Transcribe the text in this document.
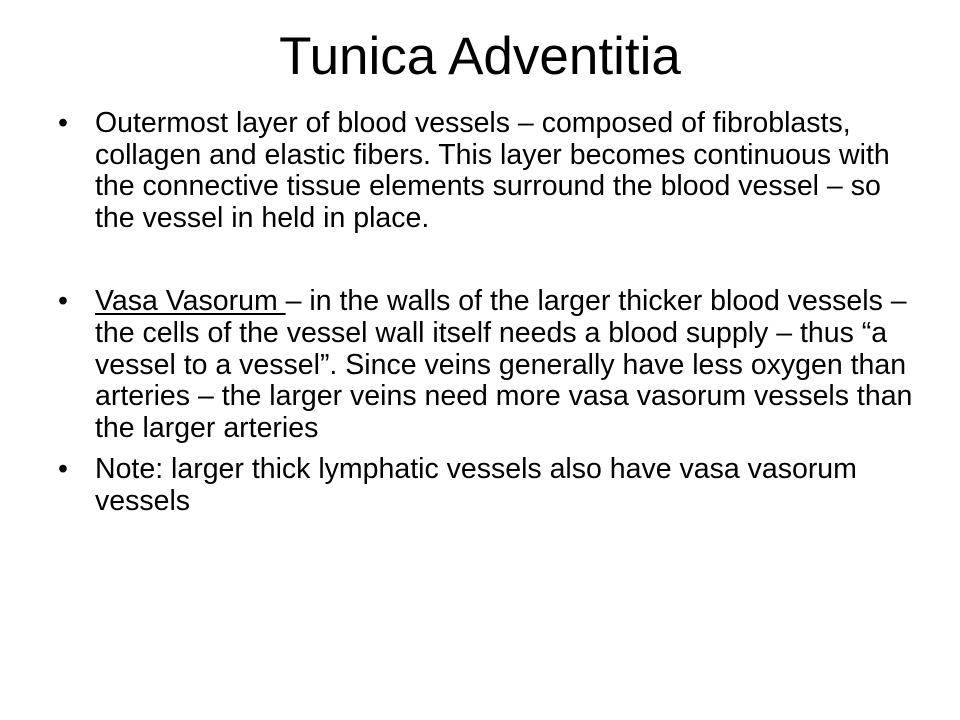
Tunica Adventitia
• Outermost layer of blood vessels – composed of fibroblasts, collagen and elastic fibers. This layer becomes continuous with the connective tissue elements surround the blood vessel – so the vessel in held in place.
• Vasa Vasorum – in the walls of the larger thicker blood vessels – the cells of the vessel wall itself needs a blood supply – thus “a vessel to a vessel”. Since veins generally have less oxygen than arteries – the larger veins need more vasa vasorum vessels than the larger arteries
• Note: larger thick lymphatic vessels also have vasa vasorum vessels
